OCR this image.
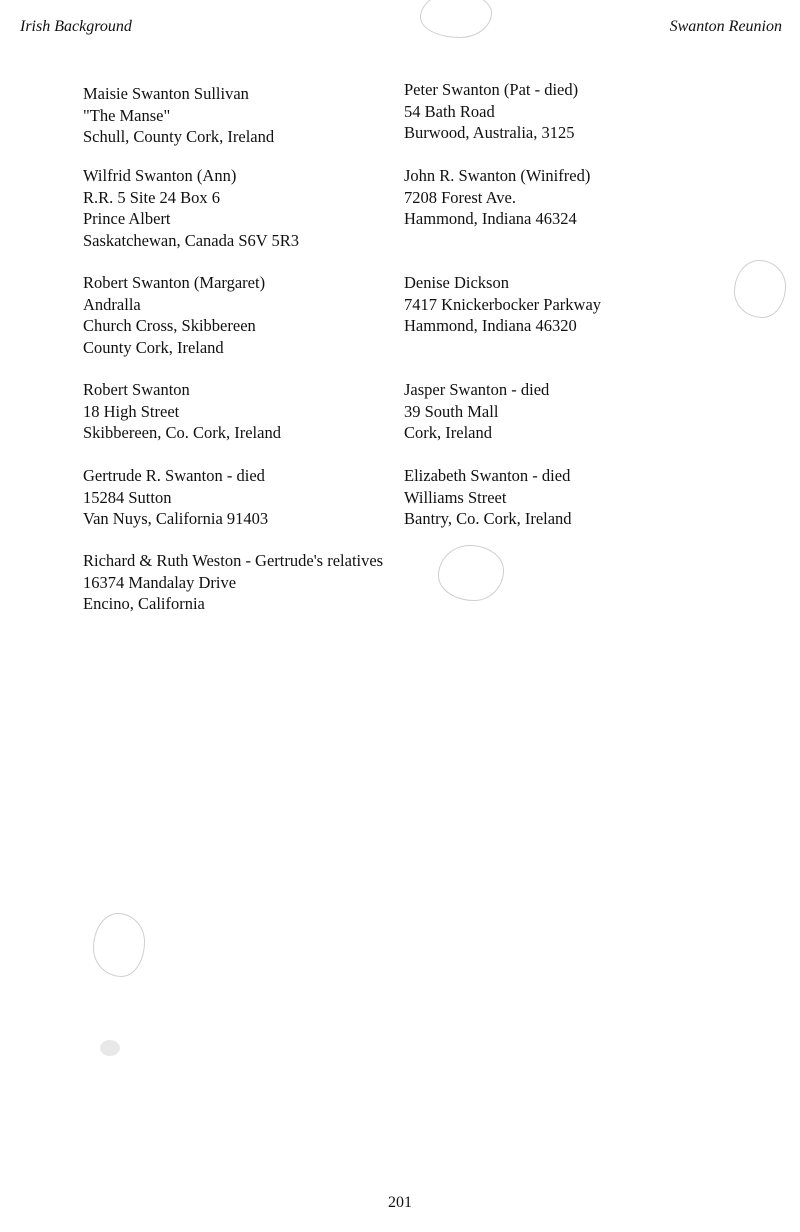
Irish Background	Swanton Reunion
Maisie Swanton Sullivan
"The Manse"
Schull, County Cork, Ireland
Peter Swanton (Pat - died)
54 Bath Road
Burwood, Australia, 3125
Wilfrid Swanton (Ann)
R.R. 5 Site 24 Box 6
Prince Albert
Saskatchewan, Canada S6V 5R3
John R. Swanton (Winifred)
7208 Forest Ave.
Hammond, Indiana 46324
Robert Swanton (Margaret)
Andralla
Church Cross, Skibbereen
County Cork, Ireland
Denise Dickson
7417 Knickerbocker Parkway
Hammond, Indiana 46320
Robert Swanton
18 High Street
Skibbereen, Co. Cork, Ireland
Jasper Swanton - died
39 South Mall
Cork, Ireland
Gertrude R. Swanton - died
15284 Sutton
Van Nuys, California 91403
Elizabeth Swanton - died
Williams Street
Bantry, Co. Cork, Ireland
Richard & Ruth Weston - Gertrude's relatives
16374 Mandalay Drive
Encino, California
201
